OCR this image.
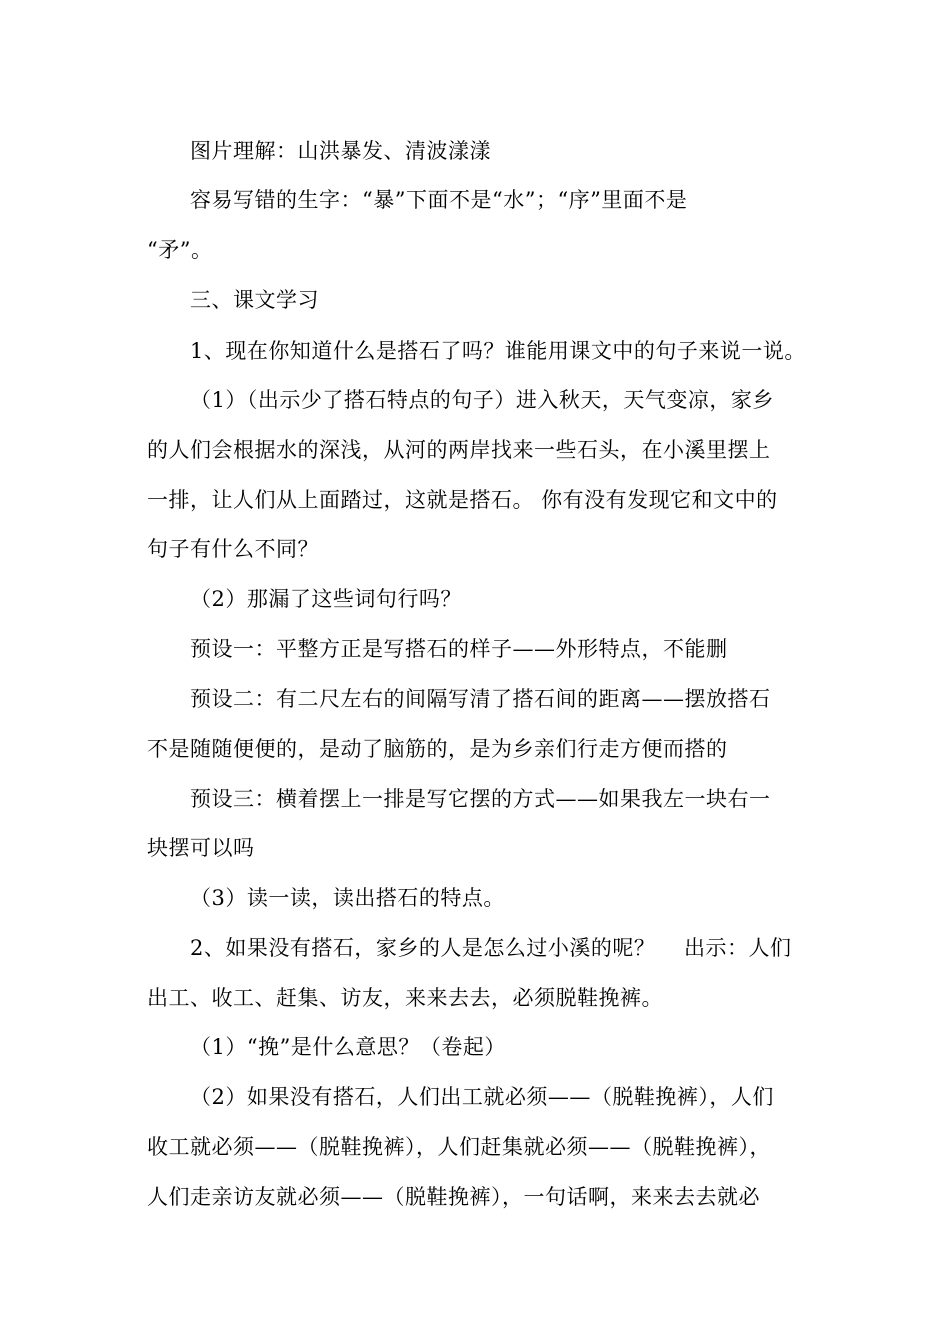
图片理解：山洪暴发、清波漾漾
容易写错的生字：“暴”下面不是“水”；“序”里面不是
“矛”。
三、课文学习
1、现在你知道什么是搭石了吗？谁能用课文中的句子来说一说。
（1）（出示少了搭石特点的句子）进入秋天，天气变凉，家乡
的人们会根据水的深浅，从河的两岸找来一些石头，在小溪里摆上
一排，让人们从上面踏过，这就是搭石。 你有没有发现它和文中的
句子有什么不同？
（2）那漏了这些词句行吗？
预设一：平整方正是写搭石的样子——外形特点，不能删
预设二：有二尺左右的间隔写清了搭石间的距离——摆放搭石
不是随随便便的，是动了脑筋的，是为乡亲们行走方便而搭的
预设三：横着摆上一排是写它摆的方式——如果我左一块右一
块摆可以吗
（3）读一读，读出搭石的特点。
2、如果没有搭石，家乡的人是怎么过小溪的呢？　 出示：人们
出工、收工、赶集、访友，来来去去，必须脱鞋挽裤。
（1）“挽”是什么意思？（卷起）
（2）如果没有搭石，人们出工就必须——（脱鞋挽裤），人们
收工就必须——（脱鞋挽裤），人们赶集就必须——（脱鞋挽裤），
人们走亲访友就必须——（脱鞋挽裤），一句话啊，来来去去就必
